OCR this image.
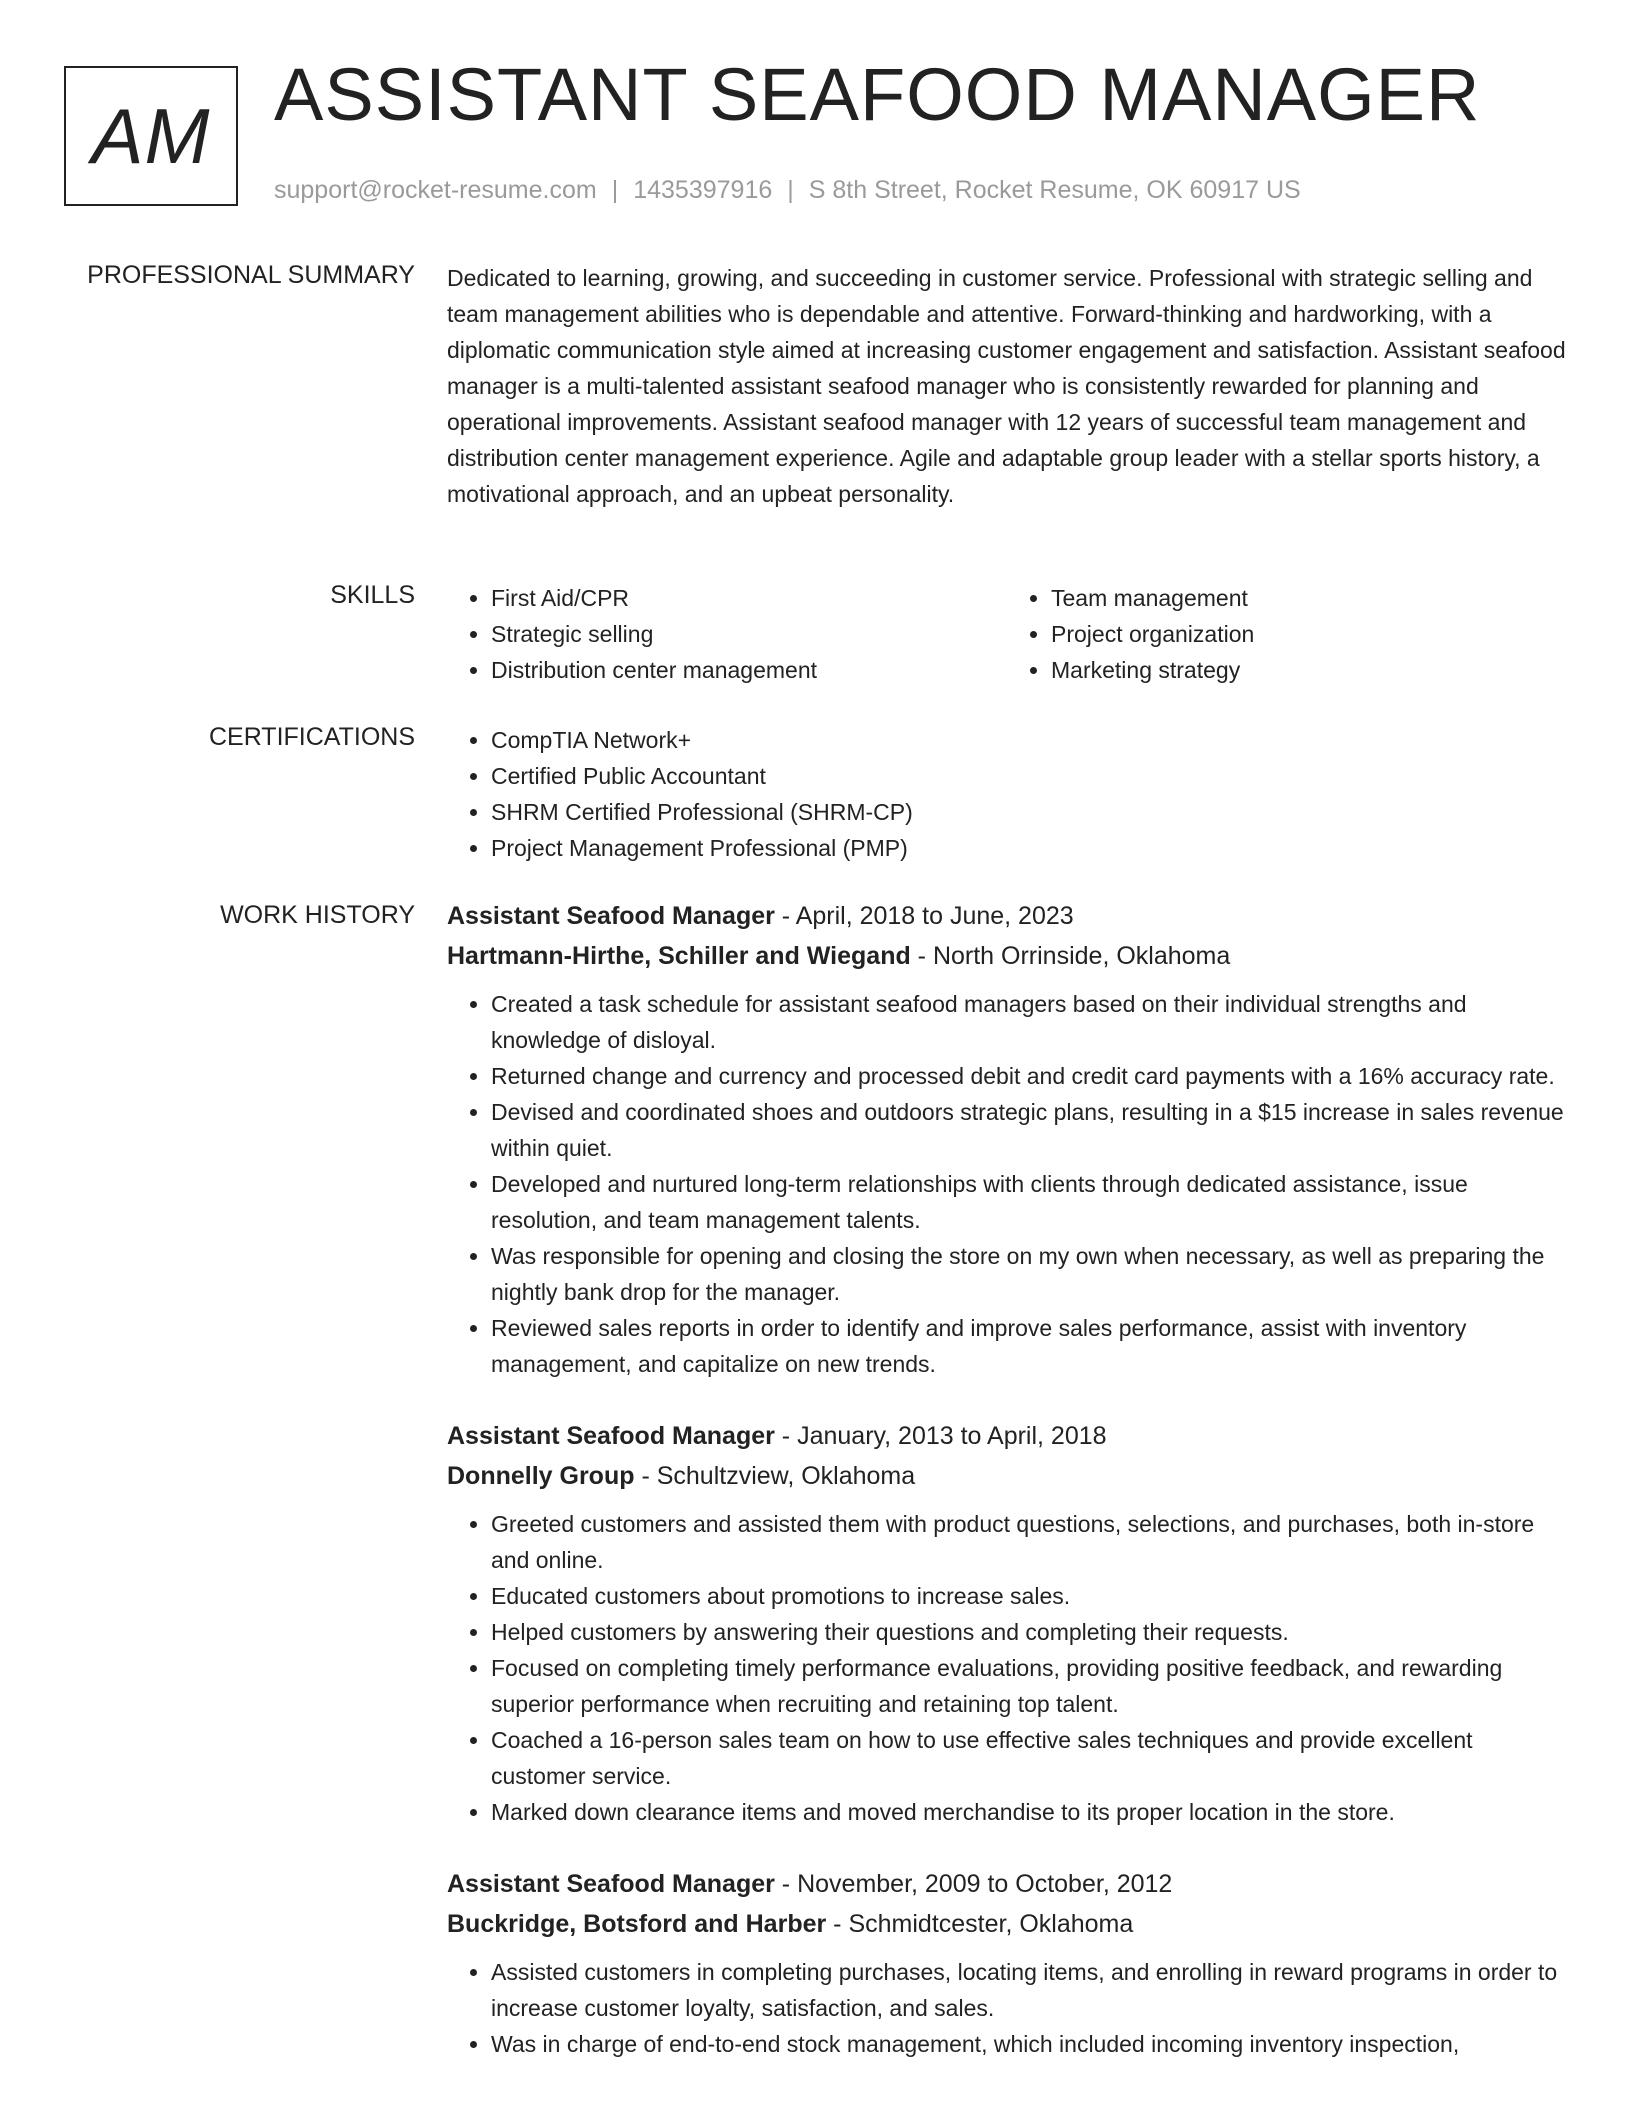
AM ASSISTANT SEAFOOD MANAGER
support@rocket-resume.com | 1435397916 | S 8th Street, Rocket Resume, OK 60917 US
PROFESSIONAL SUMMARY Dedicated to learning, growing, and succeeding in customer service. Professional with strategic selling and team management abilities who is dependable and attentive. Forward-thinking and hardworking, with a diplomatic communication style aimed at increasing customer engagement and satisfaction. Assistant seafood manager is a multi-talented assistant seafood manager who is consistently rewarded for planning and operational improvements. Assistant seafood manager with 12 years of successful team management and distribution center management experience. Agile and adaptable group leader with a stellar sports history, a motivational approach, and an upbeat personality.

SKILLS	• First Aid/CPR
• Strategic selling
• Distribution center management
• Team management
• Project organization
• Marketing strategy
CERTIFICATIONS	• CompTIA Network+
• Certified Public Accountant
• SHRM Certified Professional (SHRM-CP)
• Project Management Professional (PMP)
WORK HISTORY Assistant Seafood Manager - April, 2018 to June, 2023
Hartmann-Hirthe, Schiller and Wiegand - North Orrinside, Oklahoma
• Created a task schedule for assistant seafood managers based on their individual strengths and knowledge of disloyal.
• Returned change and currency and processed debit and credit card payments with a 16% accuracy rate.
• Devised and coordinated shoes and outdoors strategic plans, resulting in a $15 increase in sales revenue within quiet.
• Developed and nurtured long-term relationships with clients through dedicated assistance, issue resolution, and team management talents.
• Was responsible for opening and closing the store on my own when necessary, as well as preparing the nightly bank drop for the manager.
• Reviewed sales reports in order to identify and improve sales performance, assist with inventory management, and capitalize on new trends.
Assistant Seafood Manager - January, 2013 to April, 2018
Donnelly Group - Schultzview, Oklahoma
• Greeted customers and assisted them with product questions, selections, and purchases, both in-store and online.
• Educated customers about promotions to increase sales.
• Helped customers by answering their questions and completing their requests.
• Focused on completing timely performance evaluations, providing positive feedback, and rewarding superior performance when recruiting and retaining top talent.
• Coached a 16-person sales team on how to use effective sales techniques and provide excellent customer service.
• Marked down clearance items and moved merchandise to its proper location in the store.
Assistant Seafood Manager - November, 2009 to October, 2012
Buckridge, Botsford and Harber - Schmidtcester, Oklahoma
• Assisted customers in completing purchases, locating items, and enrolling in reward programs in order to increase customer loyalty, satisfaction, and sales.
• Was in charge of end-to-end stock management, which included incoming inventory inspection,
